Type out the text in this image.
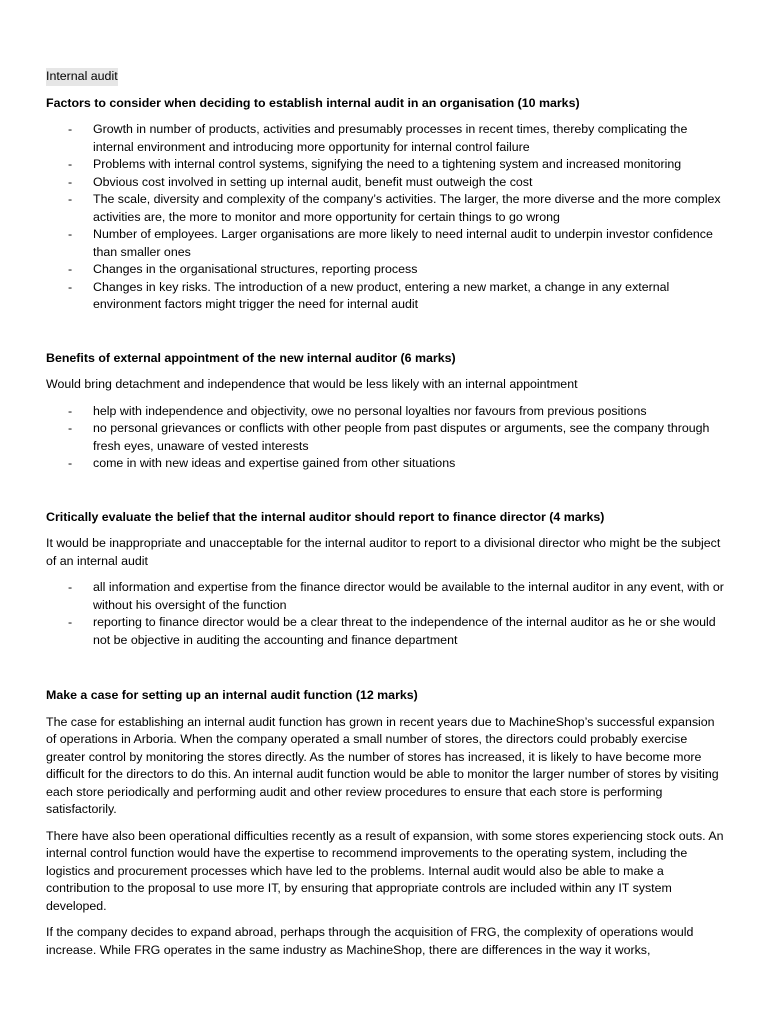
Internal audit
Factors to consider when deciding to establish internal audit in an organisation (10 marks)
- Growth in number of products, activities and presumably processes in recent times, thereby complicating the internal environment and introducing more opportunity for internal control failure
- Problems with internal control systems, signifying the need to a tightening system and increased monitoring
- Obvious cost involved in setting up internal audit, benefit must outweigh the cost
- The scale, diversity and complexity of the company’s activities. The larger, the more diverse and the more complex activities are, the more to monitor and more opportunity for certain things to go wrong
- Number of employees. Larger organisations are more likely to need internal audit to underpin investor confidence than smaller ones
- Changes in the organisational structures, reporting process
- Changes in key risks. The introduction of a new product, entering a new market, a change in any external environment factors might trigger the need for internal audit
Benefits of external appointment of the new internal auditor (6 marks)
Would bring detachment and independence that would be less likely with an internal appointment
- help with independence and objectivity, owe no personal loyalties nor favours from previous positions
- no personal grievances or conflicts with other people from past disputes or arguments, see the company through fresh eyes, unaware of vested interests
- come in with new ideas and expertise gained from other situations
Critically evaluate the belief that the internal auditor should report to finance director (4 marks)
It would be inappropriate and unacceptable for the internal auditor to report to a divisional director who might be the subject of an internal audit
- all information and expertise from the finance director would be available to the internal auditor in any event, with or without his oversight of the function
- reporting to finance director would be a clear threat to the independence of the internal auditor as he or she would not be objective in auditing the accounting and finance department
Make a case for setting up an internal audit function (12 marks)
The case for establishing an internal audit function has grown in recent years due to MachineShop’s successful expansion of operations in Arboria. When the company operated a small number of stores, the directors could probably exercise greater control by monitoring the stores directly. As the number of stores has increased, it is likely to have become more difficult for the directors to do this. An internal audit function would be able to monitor the larger number of stores by visiting each store periodically and performing audit and other review procedures to ensure that each store is performing satisfactorily.
There have also been operational difficulties recently as a result of expansion, with some stores experiencing stock outs. An internal control function would have the expertise to recommend improvements to the operating system, including the logistics and procurement processes which have led to the problems. Internal audit would also be able to make a contribution to the proposal to use more IT, by ensuring that appropriate controls are included within any IT system developed.
If the company decides to expand abroad, perhaps through the acquisition of FRG, the complexity of operations would increase. While FRG operates in the same industry as MachineShop, there are differences in the way it works,
